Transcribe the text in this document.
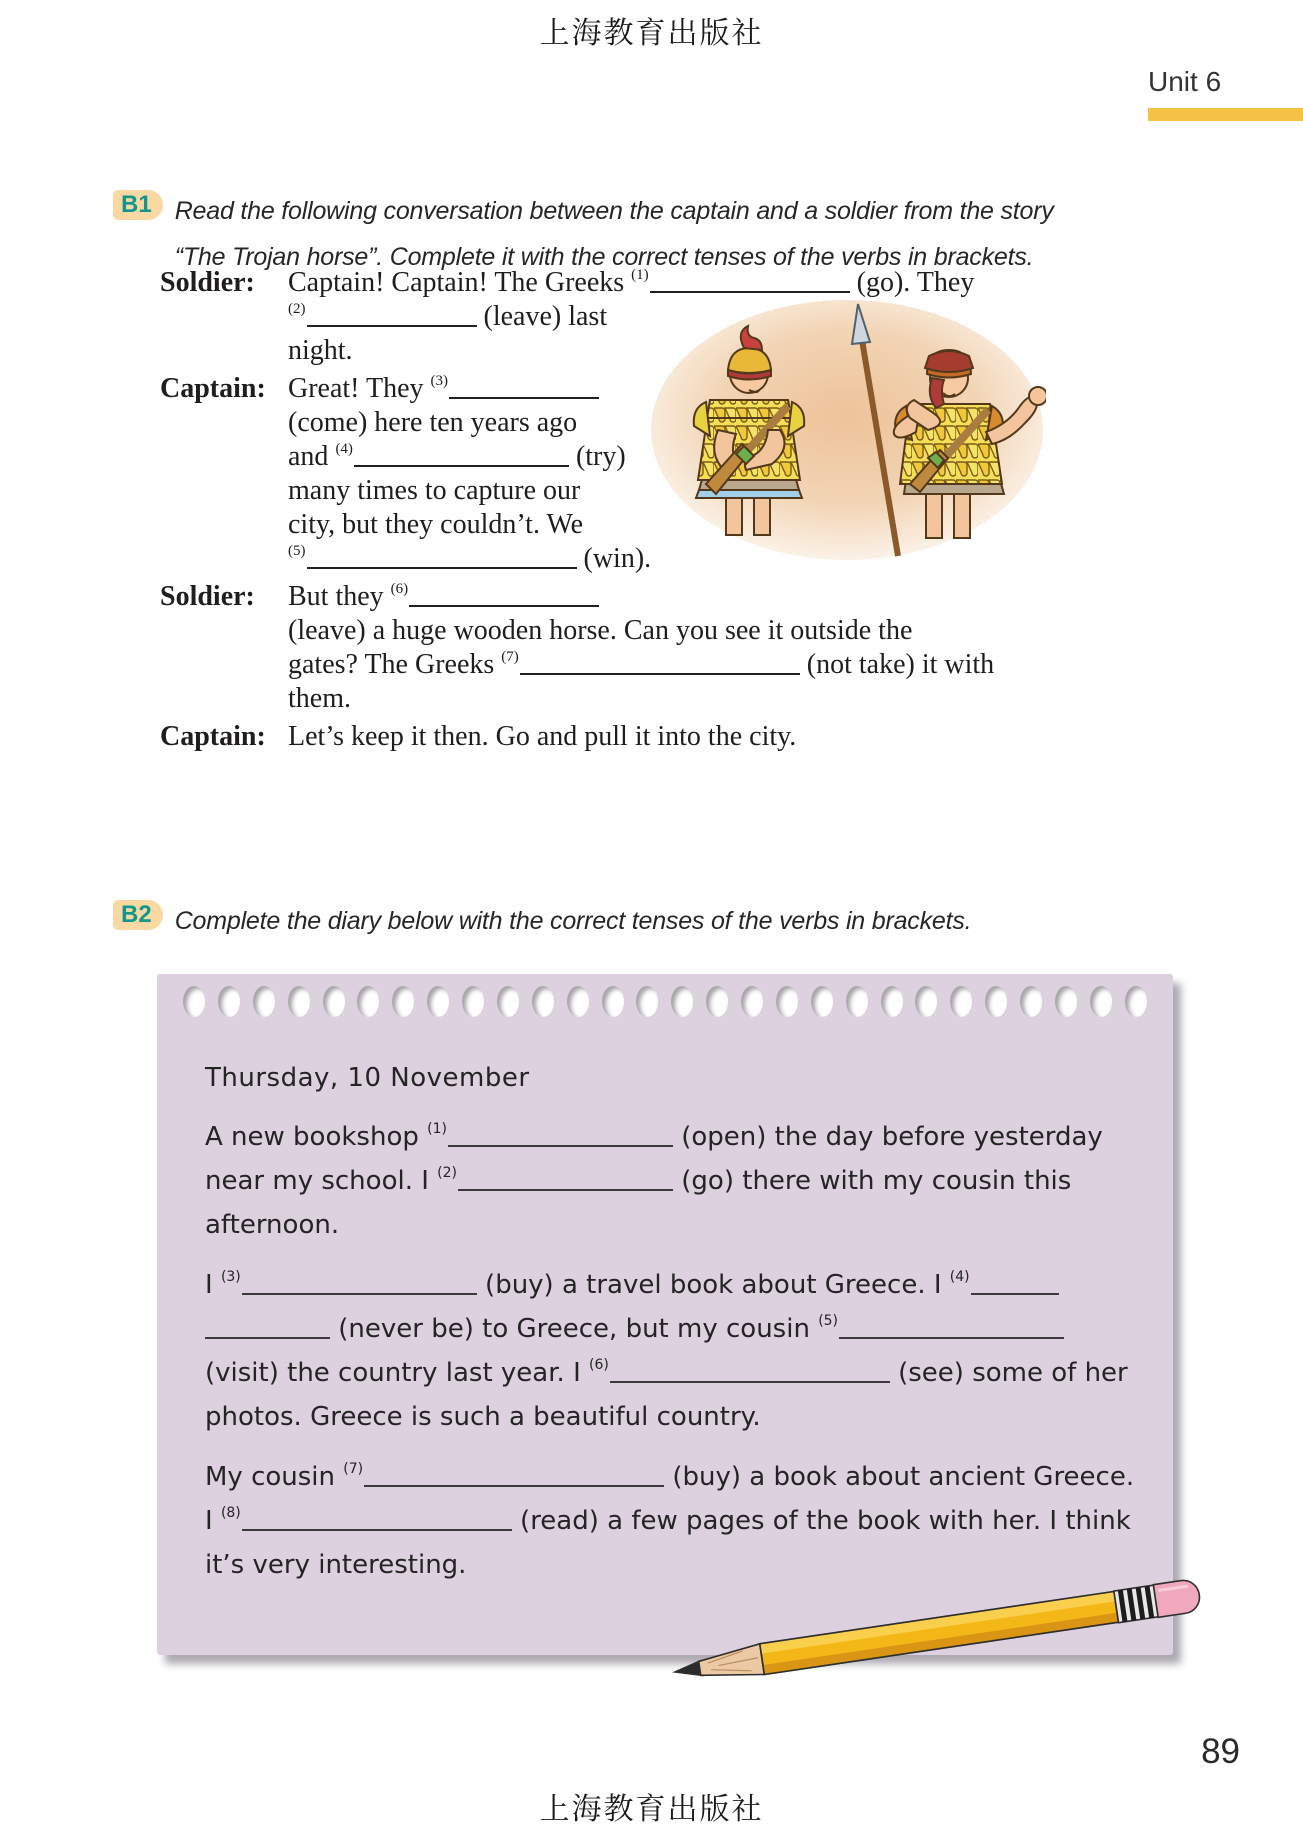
上海教育出版社
Unit 6
B1 Read the following conversation between the captain and a soldier from the story
“The Trojan horse”. Complete it with the correct tenses of the verbs in brackets.
Soldier:	Captain! Captain! The Greeks $^{(1)}$	(go). They
$^{(2)}$	(leave) last
night.
Captain: Great! They $^{(3)}$
(come) here ten years ago
and $^{(4)}$	(try)
many times to capture our
city, but they couldn’t. We
$^{(5)}$	(win).
Soldier:	But they $^{(6)}$
(leave) a huge wooden horse. Can you see it outside the
gates? The Greeks $^{(7)}$	(not take) it with
them.
Captain: Let’s keep it then. Go and pull it into the city.
B2 Complete the diary below with the correct tenses of the verbs in brackets.
Thursday, 10 November
A new bookshop $^{(1)}$	(open) the day before yesterday
near my school. I $^{(2)}$	(go) there with my cousin this
afternoon.
I $^{(3)}$	(buy) a travel book about Greece. I $^{(4)}$
(never be) to Greece, but my cousin $^{(5)}$
(visit) the country last year. I $^{(6)}$	(see) some of her
photos. Greece is such a beautiful country.
My cousin $^{(7)}$	(buy) a book about ancient Greece.
I $^{(8)}$	(read) a few pages of the book with her. I think
it’s very interesting.
89
上海教育出版社
